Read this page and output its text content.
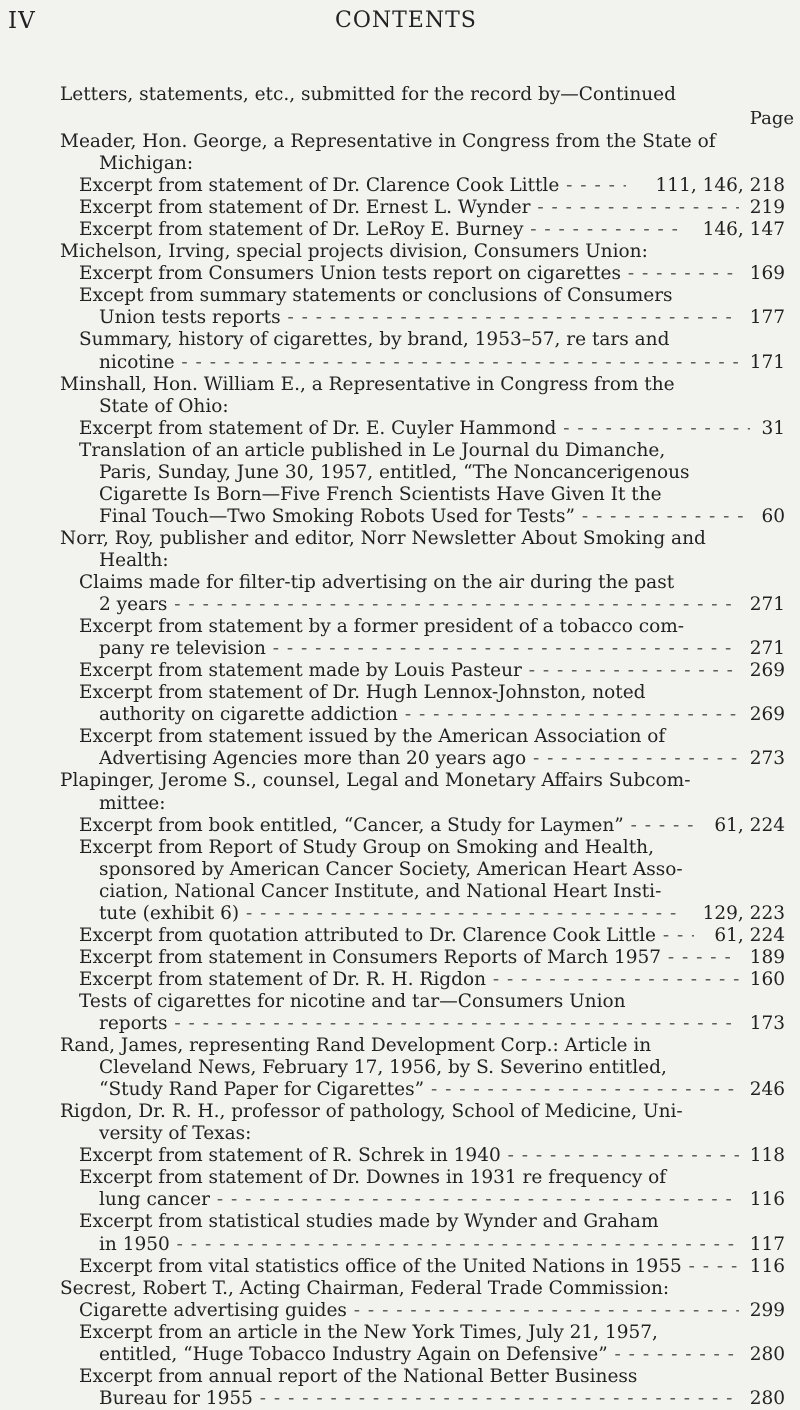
IV	CONTENTS
Letters, statements, etc., submitted for the record by—Continued
Page
Meader, Hon. George, a Representative in Congress from the State of
Michigan:
Excerpt from statement of Dr. Clarence Cook Little - - -	111, 146, 218
Excerpt from statement of Dr. Ernest L. Wynder - - -	219
Excerpt from statement of Dr. LeRoy E. Burney - - -	146, 147
Michelson, Irving, special projects division, Consumers Union:
Excerpt from Consumers Union tests report on cigarettes - - -	169
Except from summary statements or conclusions of Consumers
Union tests reports - - -	177
Summary, history of cigarettes, by brand, 1953–57, re tars and
nicotine - - -	171
Minshall, Hon. William E., a Representative in Congress from the
State of Ohio:
Excerpt from statement of Dr. E. Cuyler Hammond - - -	31
Translation of an article published in Le Journal du Dimanche,
Paris, Sunday, June 30, 1957, entitled, “The Noncancerigenous
Cigarette Is Born—Five French Scientists Have Given It the
Final Touch—Two Smoking Robots Used for Tests” - - -	60
Norr, Roy, publisher and editor, Norr Newsletter About Smoking and
Health:
Claims made for filter-tip advertising on the air during the past
2 years - - -	271
Excerpt from statement by a former president of a tobacco com-
pany re television - - -	271
Excerpt from statement made by Louis Pasteur - - -	269
Excerpt from statement of Dr. Hugh Lennox-Johnston, noted
authority on cigarette addiction - - -	269
Excerpt from statement issued by the American Association of
Advertising Agencies more than 20 years ago - - -	273
Plapinger, Jerome S., counsel, Legal and Monetary Affairs Subcom-
mittee:
Excerpt from book entitled, “Cancer, a Study for Laymen” - - -	61, 224
Excerpt from Report of Study Group on Smoking and Health,
sponsored by American Cancer Society, American Heart Asso-
ciation, National Cancer Institute, and National Heart Insti-
tute (exhibit 6) - - -	129, 223
Excerpt from quotation attributed to Dr. Clarence Cook Little - - -	61, 224
Excerpt from statement in Consumers Reports of March 1957 - - -	189
Excerpt from statement of Dr. R. H. Rigdon - - -	160
Tests of cigarettes for nicotine and tar—Consumers Union
reports - - -	173
Rand, James, representing Rand Development Corp.: Article in
Cleveland News, February 17, 1956, by S. Severino entitled,
“Study Rand Paper for Cigarettes” - - -	246
Rigdon, Dr. R. H., professor of pathology, School of Medicine, Uni-
versity of Texas:
Excerpt from statement of R. Schrek in 1940 - - -	118
Excerpt from statement of Dr. Downes in 1931 re frequency of
lung cancer - - -	116
Excerpt from statistical studies made by Wynder and Graham
in 1950 - - -	117
Excerpt from vital statistics office of the United Nations in 1955 - - -	116
Secrest, Robert T., Acting Chairman, Federal Trade Commission:
Cigarette advertising guides - - -	299
Excerpt from an article in the New York Times, July 21, 1957,
entitled, “Huge Tobacco Industry Again on Defensive” - - -	280
Excerpt from annual report of the National Better Business
Bureau for 1955 - - -	280
